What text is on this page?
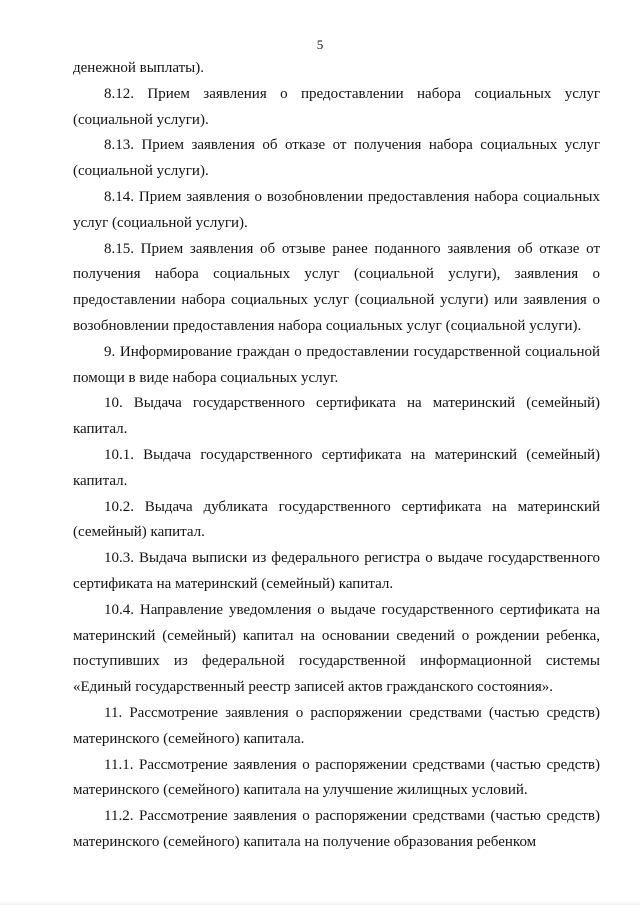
5

денежной выплаты).

8.12. Прием заявления о предоставлении набора социальных услуг (социальной услуги).

8.13. Прием заявления об отказе от получения набора социальных услуг (социальной услуги).

8.14. Прием заявления о возобновлении предоставления набора социальных услуг (социальной услуги).

8.15. Прием заявления об отзыве ранее поданного заявления об отказе от получения набора социальных услуг (социальной услуги), заявления о предоставлении набора социальных услуг (социальной услуги) или заявления о возобновлении предоставления набора социальных услуг (социальной услуги).

9. Информирование граждан о предоставлении государственной социальной помощи в виде набора социальных услуг.

10. Выдача государственного сертификата на материнский (семейный) капитал.

10.1. Выдача государственного сертификата на материнский (семейный) капитал.

10.2. Выдача дубликата государственного сертификата на материнский (семейный) капитал.

10.3. Выдача выписки из федерального регистра о выдаче государственного сертификата на материнский (семейный) капитал.

10.4. Направление уведомления о выдаче государственного сертификата на материнский (семейный) капитал на основании сведений о рождении ребенка, поступивших из федеральной государственной информационной системы «Единый государственный реестр записей актов гражданского состояния».

11. Рассмотрение заявления о распоряжении средствами (частью средств) материнского (семейного) капитала.

11.1. Рассмотрение заявления о распоряжении средствами (частью средств) материнского (семейного) капитала на улучшение жилищных условий.

11.2. Рассмотрение заявления о распоряжении средствами (частью средств) материнского (семейного) капитала на получение образования ребенком
